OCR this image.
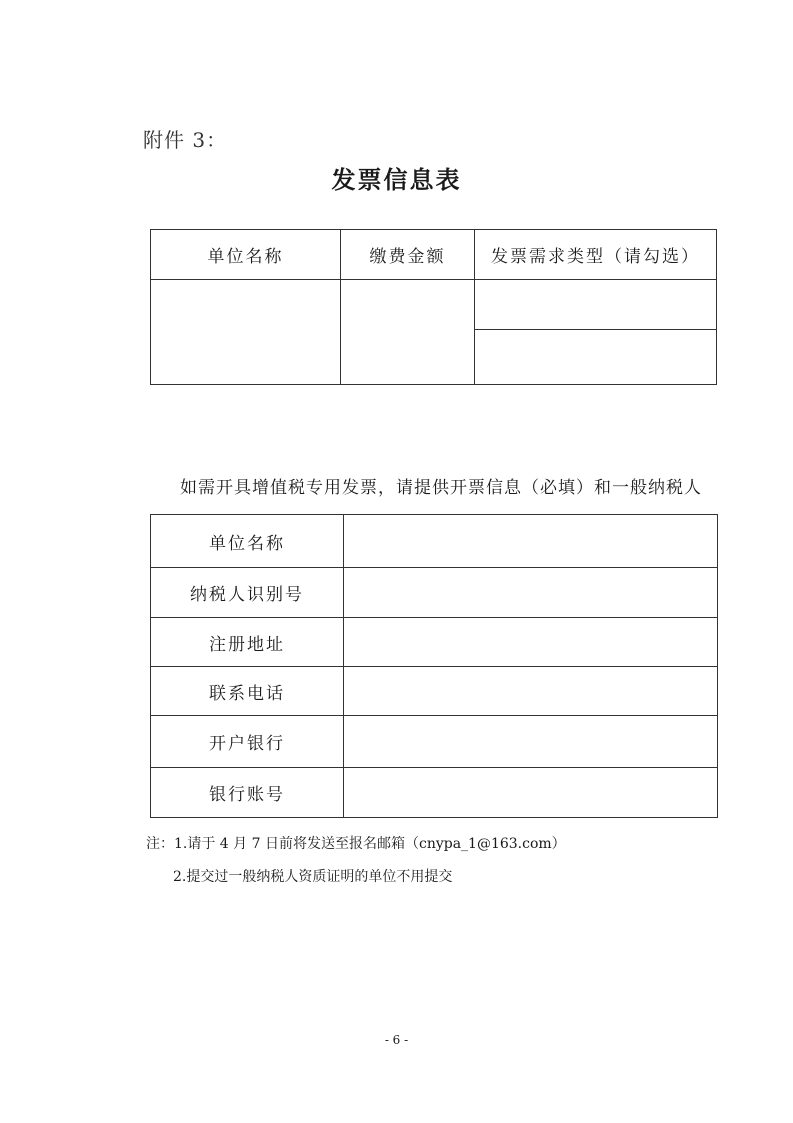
附件 3：
发票信息表
单位名称	缴费金额	发票需求类型（请勾选）

如需开具增值税专用发票，请提供开票信息（必填）和一般纳税人
单位名称	
纳税人识别号	
注册地址	
联系电话	
开户银行	
银行账号	
注：1.请于 4 月 7 日前将发送至报名邮箱（cnypa_1@163.com）
2.提交过一般纳税人资质证明的单位不用提交
- 6 -
